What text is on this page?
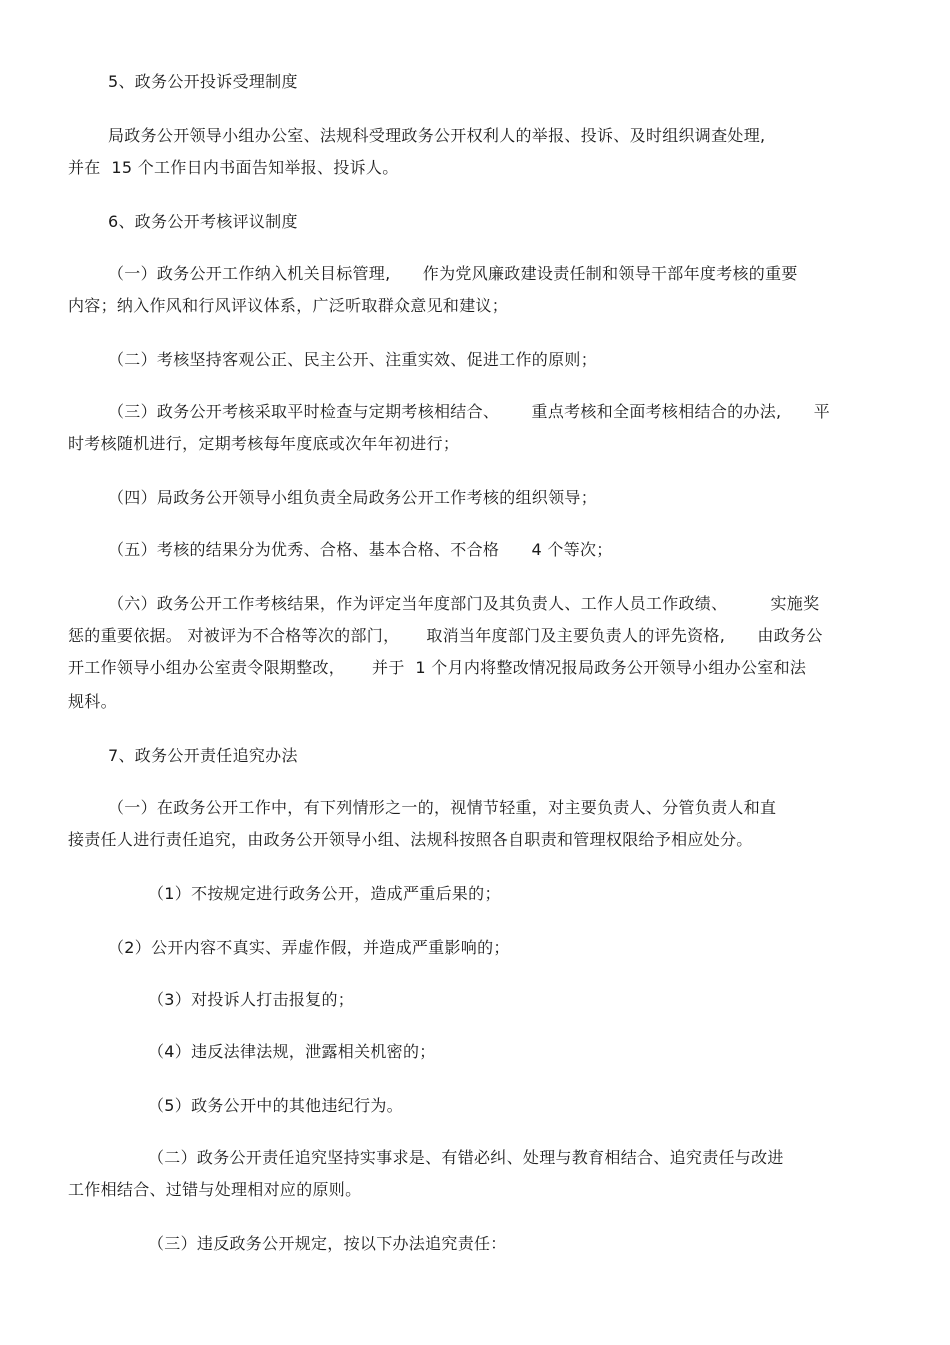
5、政务公开投诉受理制度
局政务公开领导小组办公室、法规科受理政务公开权利人的举报、投诉、及时组织调查处理,
并在  15 个工作日内书面告知举报、投诉人。
6、政务公开考核评议制度
（一）政务公开工作纳入机关目标管理,      作为党风廉政建设责任制和领导干部年度考核的重要
内容；纳入作风和行风评议体系，广泛听取群众意见和建议；
（二）考核坚持客观公正、民主公开、注重实效、促进工作的原则；
（三）政务公开考核采取平时检查与定期考核相结合、      重点考核和全面考核相结合的办法,      平
时考核随机进行，定期考核每年度底或次年年初进行；
（四）局政务公开领导小组负责全局政务公开工作考核的组织领导；
（五）考核的结果分为优秀、合格、基本合格、不合格      4 个等次；
（六）政务公开工作考核结果，作为评定当年度部门及其负责人、工作人员工作政绩、        实施奖
惩的重要依据。 对被评为不合格等次的部门，     取消当年度部门及主要负责人的评先资格,      由政务公
开工作领导小组办公室责令限期整改，     并于  1 个月内将整改情况报局政务公开领导小组办公室和法
规科。
7、政务公开责任追究办法
（一）在政务公开工作中，有下列情形之一的，视情节轻重，对主要负责人、分管负责人和直
接责任人进行责任追究，由政务公开领导小组、法规科按照各自职责和管理权限给予相应处分。
（1）不按规定进行政务公开，造成严重后果的；
（2）公开内容不真实、弄虚作假，并造成严重影响的；
（3）对投诉人打击报复的；
（4）违反法律法规，泄露相关机密的；
（5）政务公开中的其他违纪行为。
（二）政务公开责任追究坚持实事求是、有错必纠、处理与教育相结合、追究责任与改进
工作相结合、过错与处理相对应的原则。
（三）违反政务公开规定，按以下办法追究责任：
